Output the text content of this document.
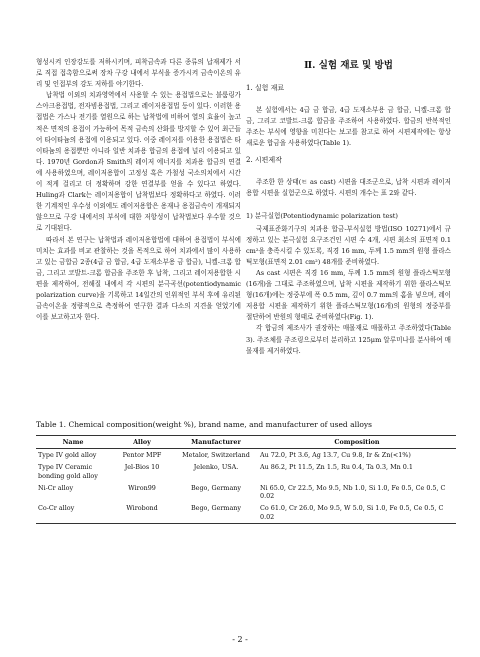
형성시켜 인장강도를 저하시키며, 피착금속과 다른 종류의 납재제가 서로 직접 접촉함으로써 장차 구강 내에서 부식을 증가시켜 금속이온의 유리 및 인접부의 강도 저하를 야기한다.

납착법 이외의 치과영역에서 사용할 수 있는 용접법으로는 블룸링가스아크용접법, 전자빔용접법, 그리고 레이저용접법 등이 있다. 이러한 용접법은 가스나 전기를 열원으로 하는 납착법에 비하여 열의 효율이 높고 적은 면적의 용접이 가능하여 목적 금속의 산화를 방지할 수 있어 최근들어 타이타늄의 용접에 이용되고 있다. 이중 레이저를 이용한 용접법은 타이타늄의 용접뿐만 아니라 일반 치과용 합금의 용접에 널리 이용되고 있다. 1970년 Gordon과 Smith의 레이저 에너지를 치과용 합금의 연결에 사용하였으며, 레이저용합이 고정성 혹은 가철성 국소의치에서 시간이 적게 걸리고 더 정확하며 강한 연결부를 얻을 수 있다고 하였다. Huling과 Clark는 레이저용합이 납착법보다 정확하다고 하였다. 이러한 기계적인 우수성 이외에도 레이저용합은 용재나 용접금속이 개재되지 않으므로 구강 내에서의 부식에 대한 저항성이 납착법보다 우수할 것으로 기대된다.

따라서 본 연구는 납착법과 레이저용합법에 대하여 용접법이 부식에 미치는 효과를 비교 관찰하는 것을 목적으로 하여 치과에서 많이 사용하고 있는 금합금 2종(4급 금 합금, 4급 도재소부용 금 합금), 니켈-크롬 합금, 그리고 코발트-크롬 합금을 주조한 후 납착, 그리고 레이저용합한 시편을 제작하여, 전해질 내에서 각 시편의 분극곡선(potentiodynamic polarization curve)을 기록하고 14일간의 인위적인 부식 후에 유리된 금속이온을 정량적으로 측정하여 연구한 결과 다소의 지견을 얻었기에 이를 보고하고자 한다.

Ⅱ. 실험 재료 및 방법
1. 실험 재료

본 실험에서는 4급 금 합금, 4급 도재소부용 금 합금, 니켈-크롬 합금, 그리고 코발트-크롬 합금을 주조하여 사용하였다. 합금의 반복적인 주조는 부식에 영향을 미친다는 보고를 참고로 하여 시편제작에는 항상 새로운 합금을 사용하였다(Table 1).

2. 시편제작

주조한 한 상태(ㅌ as cast) 시편을 대조군으로, 납착 시편과 레이저용합 시편을 실험군으로 하였다. 시편의 개수는 표 2와 같다.

1) 분극실험(Potentiodynamic polarization test)

국제표준화기구의 치과용 합금-부식실험 방법(ISO 10271)에서 규정하고 있는 분극실험 요구조건인 시편 수 4개, 시편 최소의 표면적 0.1 cm²을 충족시킬 수 있도록, 직경 16 mm, 두께 1.5 mm의 원형 플라스틱모형(표면적 2.01 cm²) 48개를 준비하였다.

As cast 시편은 직경 16 mm, 두께 1.5 mm의 원형 플라스틱모형(16개)을 그대로 주조하였으며, 납착 시편을 제작하기 위한 플라스틱모형(16개)에는 정중부에 폭 0.5 mm, 깊이 0.7 mm의 홈을 넣으며, 레이저용합 시편을 제작하기 위한 플라스틱모형(16개)의 원형의 정중부를 절단하여 반원의 형태로 준비하였다(Fig. 1).

각 합금의 제조사가 권장하는 매몰재로 매몰하고 주조하였다(Table 3). 주조체를 주조링으로부터 분리하고 125μm 알루미나를 분사하여 매몰재를 제거하였다.

Table 1. Chemical composition(weight %), brand name, and manufacturer of used alloys

Name	Alloy	Manufacturer	Composition
Type IV gold alloy	Pentor MPF	Metalor, Switzerland	Au 72.0, Pt 3.6, Ag 13.7, Cu 9.8, Ir & Zn(<1%)
Type IV Ceramic bonding gold alloy	Jel-Bios 10	Jelenko, USA.	Au 86.2, Pt 11.5, Zn 1.5, Ru 0.4, Ta 0.3, Mn 0.1
Ni-Cr alloy	Wiron99	Bego, Germany	Ni 65.0, Cr 22.5, Mo 9.5, Nb 1.0, Si 1.0, Fe 0.5, Ce 0.5, C 0.02
Co-Cr alloy	Wirobond	Bego, Germany	Co 61.0, Cr 26.0, Mo 9.5, W 5.0, Si 1.0, Fe 0.5, Ce 0.5, C 0.02
- 2 -
